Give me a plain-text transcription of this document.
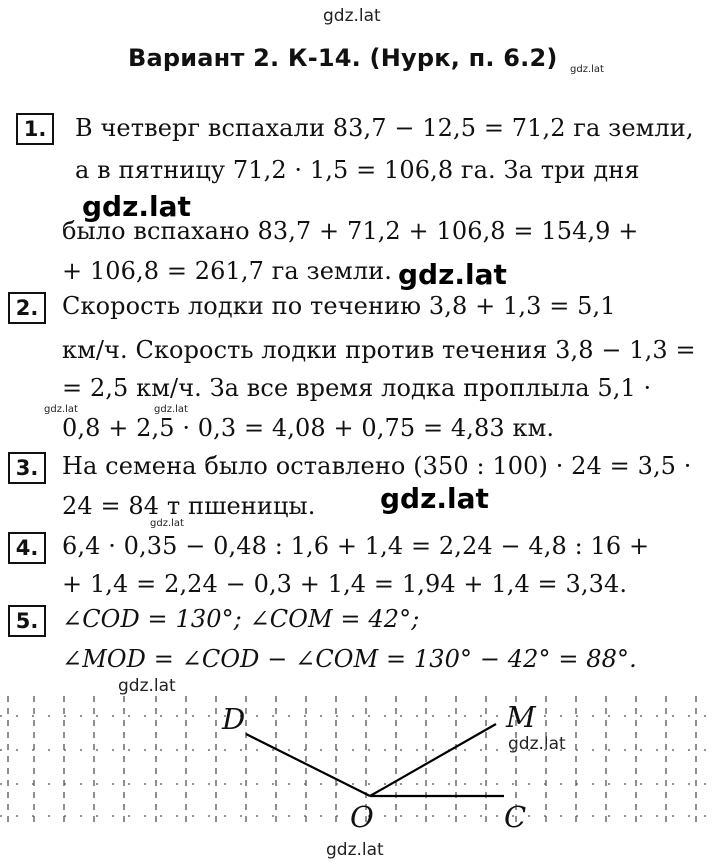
gdz.lat
gdz.lat
gdz.lat
gdz.lat
gdz.lat	gdz.lat
gdz.lat
gdz.lat
gdz.lat
gdz.lat
gdz.lat
Вариант 2. К-14. (Нурк, п. 6.2)
1.	В четверг вспахали 83,7 − 12,5 = 71,2 га земли,
а в пятницу 71,2 · 1,5 = 106,8 га. За три дня
было вспахано 83,7 + 71,2 + 106,8 = 154,9 +
+ 106,8 = 261,7 га земли.
2. Скорость лодки по течению 3,8 + 1,3 = 5,1
км/ч. Скорость лодки против течения 3,8 − 1,3 =
= 2,5 км/ч. За все время лодка проплыла 5,1 ·
0,8 + 2,5 · 0,3 = 4,08 + 0,75 = 4,83 км.
3. На семена было оставлено (350 : 100) · 24 = 3,5 ·
24 = 84 т пшеницы.
4. 6,4 · 0,35 − 0,48 : 1,6 + 1,4 = 2,24 − 4,8 : 16 +
+ 1,4 = 2,24 − 0,3 + 1,4 = 1,94 + 1,4 = 3,34.
5. ∠COD = 130°; ∠COM = 42°;
∠MOD = ∠COD − ∠COM = 130° − 42° = 88°.
D	M
O	C
